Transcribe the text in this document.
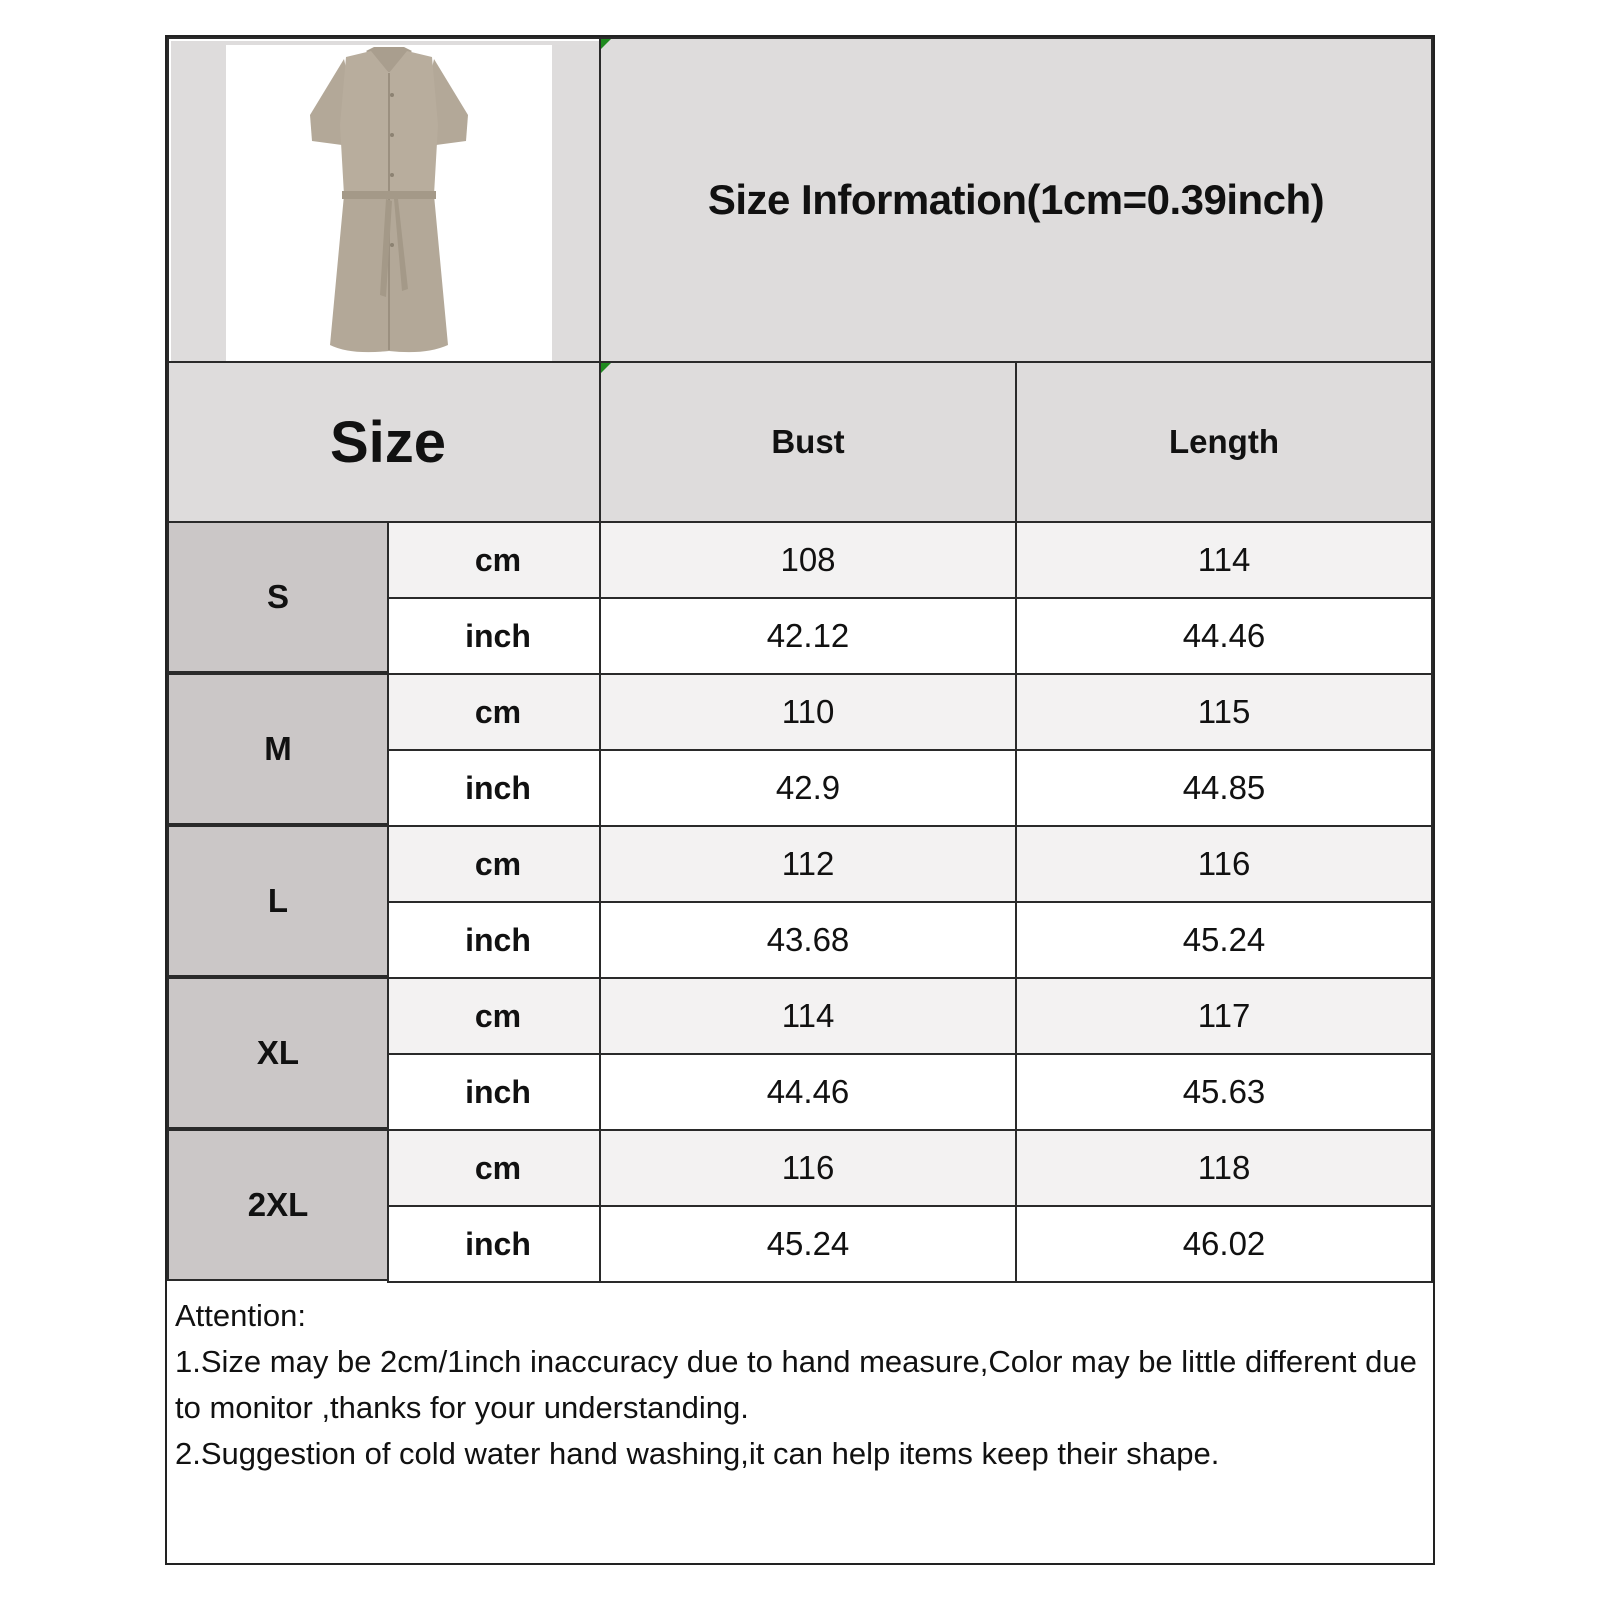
Size Information(1cm=0.39inch)
Size	Bust	Length
S
cm	108	114
inch	42.12	44.46
M
cm	110	115
inch	42.9	44.85
L
cm	112	116
inch	43.68	45.24
XL
cm	114	117
inch	44.46	45.63
2XL
cm	116	118
inch	45.24	46.02
Attention:
1.Size may be 2cm/1inch inaccuracy due to hand measure,Color may be little different due to monitor ,thanks for your understanding.
2.Suggestion of cold water hand washing,it can help items keep their shape.
